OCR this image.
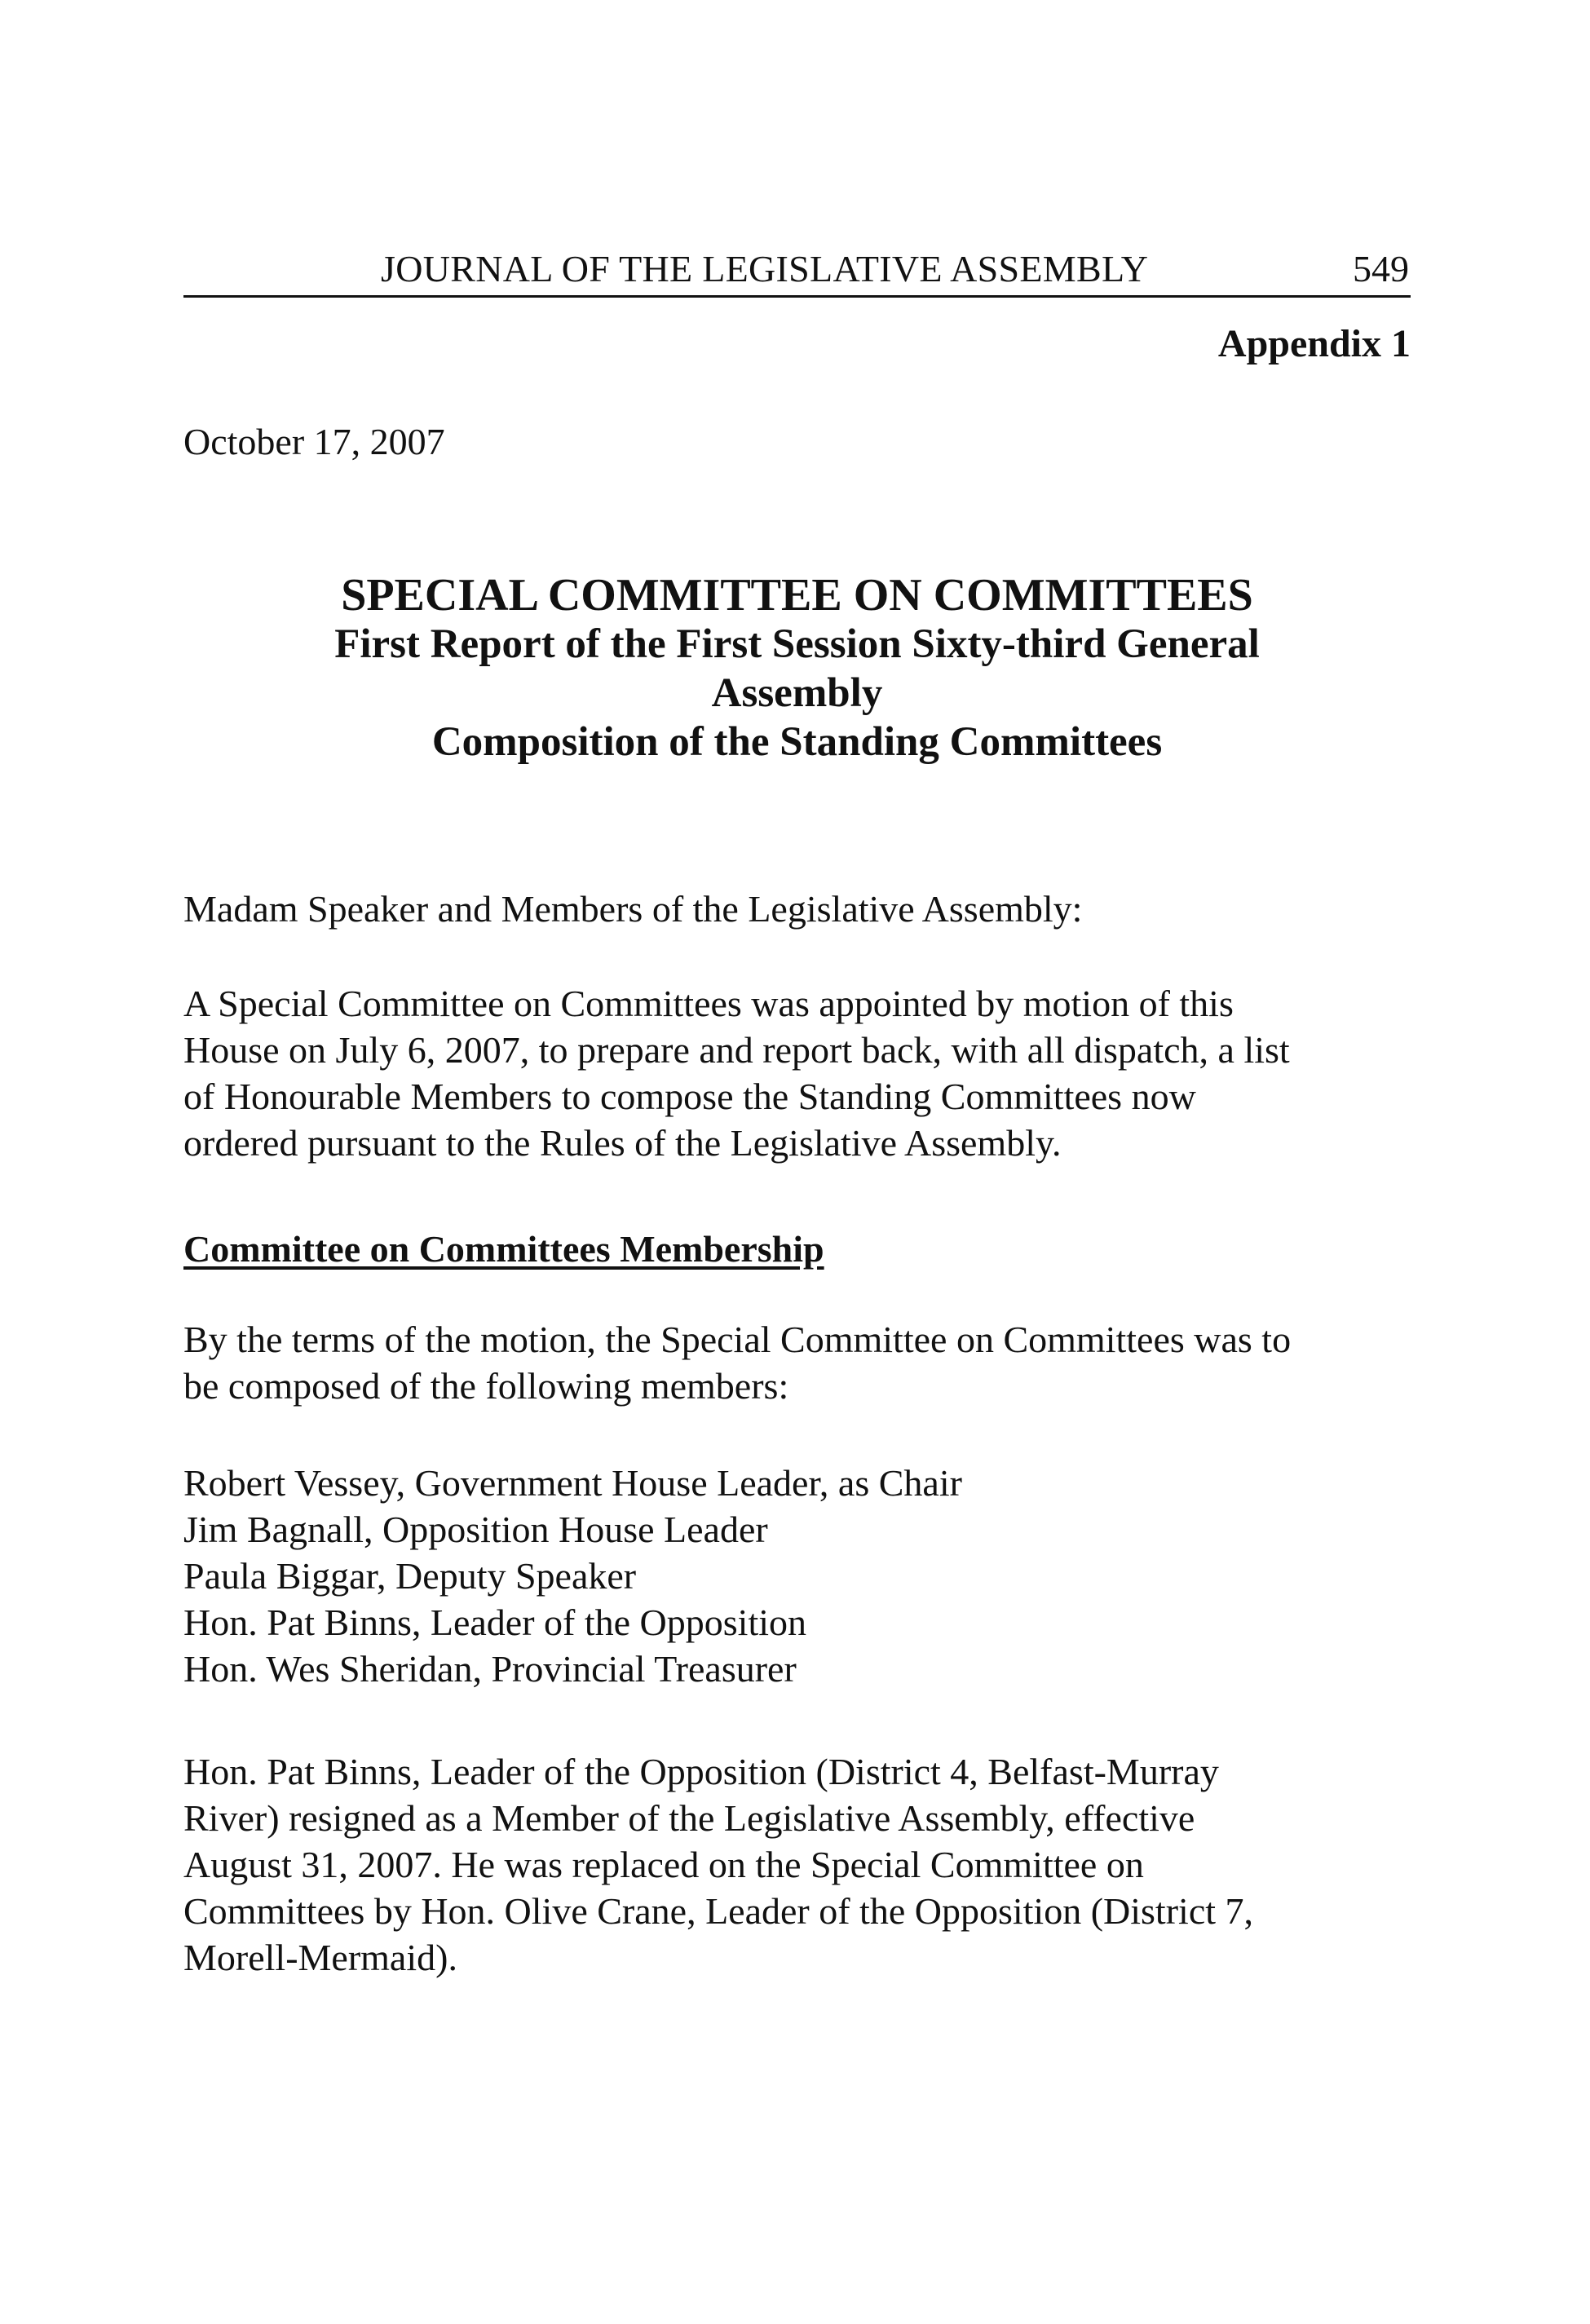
JOURNAL OF THE LEGISLATIVE ASSEMBLY	549
Appendix 1
October 17, 2007
SPECIAL COMMITTEE ON COMMITTEES
First Report of the First Session Sixty-third General
Assembly
Composition of the Standing Committees
Madam Speaker and Members of the Legislative Assembly:
A Special Committee on Committees was appointed by motion of this
House on July 6, 2007, to prepare and report back, with all dispatch, a list
of Honourable Members to compose the Standing Committees now
ordered pursuant to the Rules of the Legislative Assembly.
Committee on Committees Membership
By the terms of the motion, the Special Committee on Committees was to
be composed of the following members:
Robert Vessey, Government House Leader, as Chair
Jim Bagnall, Opposition House Leader
Paula Biggar, Deputy Speaker
Hon. Pat Binns, Leader of the Opposition
Hon. Wes Sheridan, Provincial Treasurer
Hon. Pat Binns, Leader of the Opposition (District 4, Belfast-Murray
River) resigned as a Member of the Legislative Assembly, effective
August 31, 2007. He was replaced on the Special Committee on
Committees by Hon. Olive Crane, Leader of the Opposition (District 7,
Morell-Mermaid).
